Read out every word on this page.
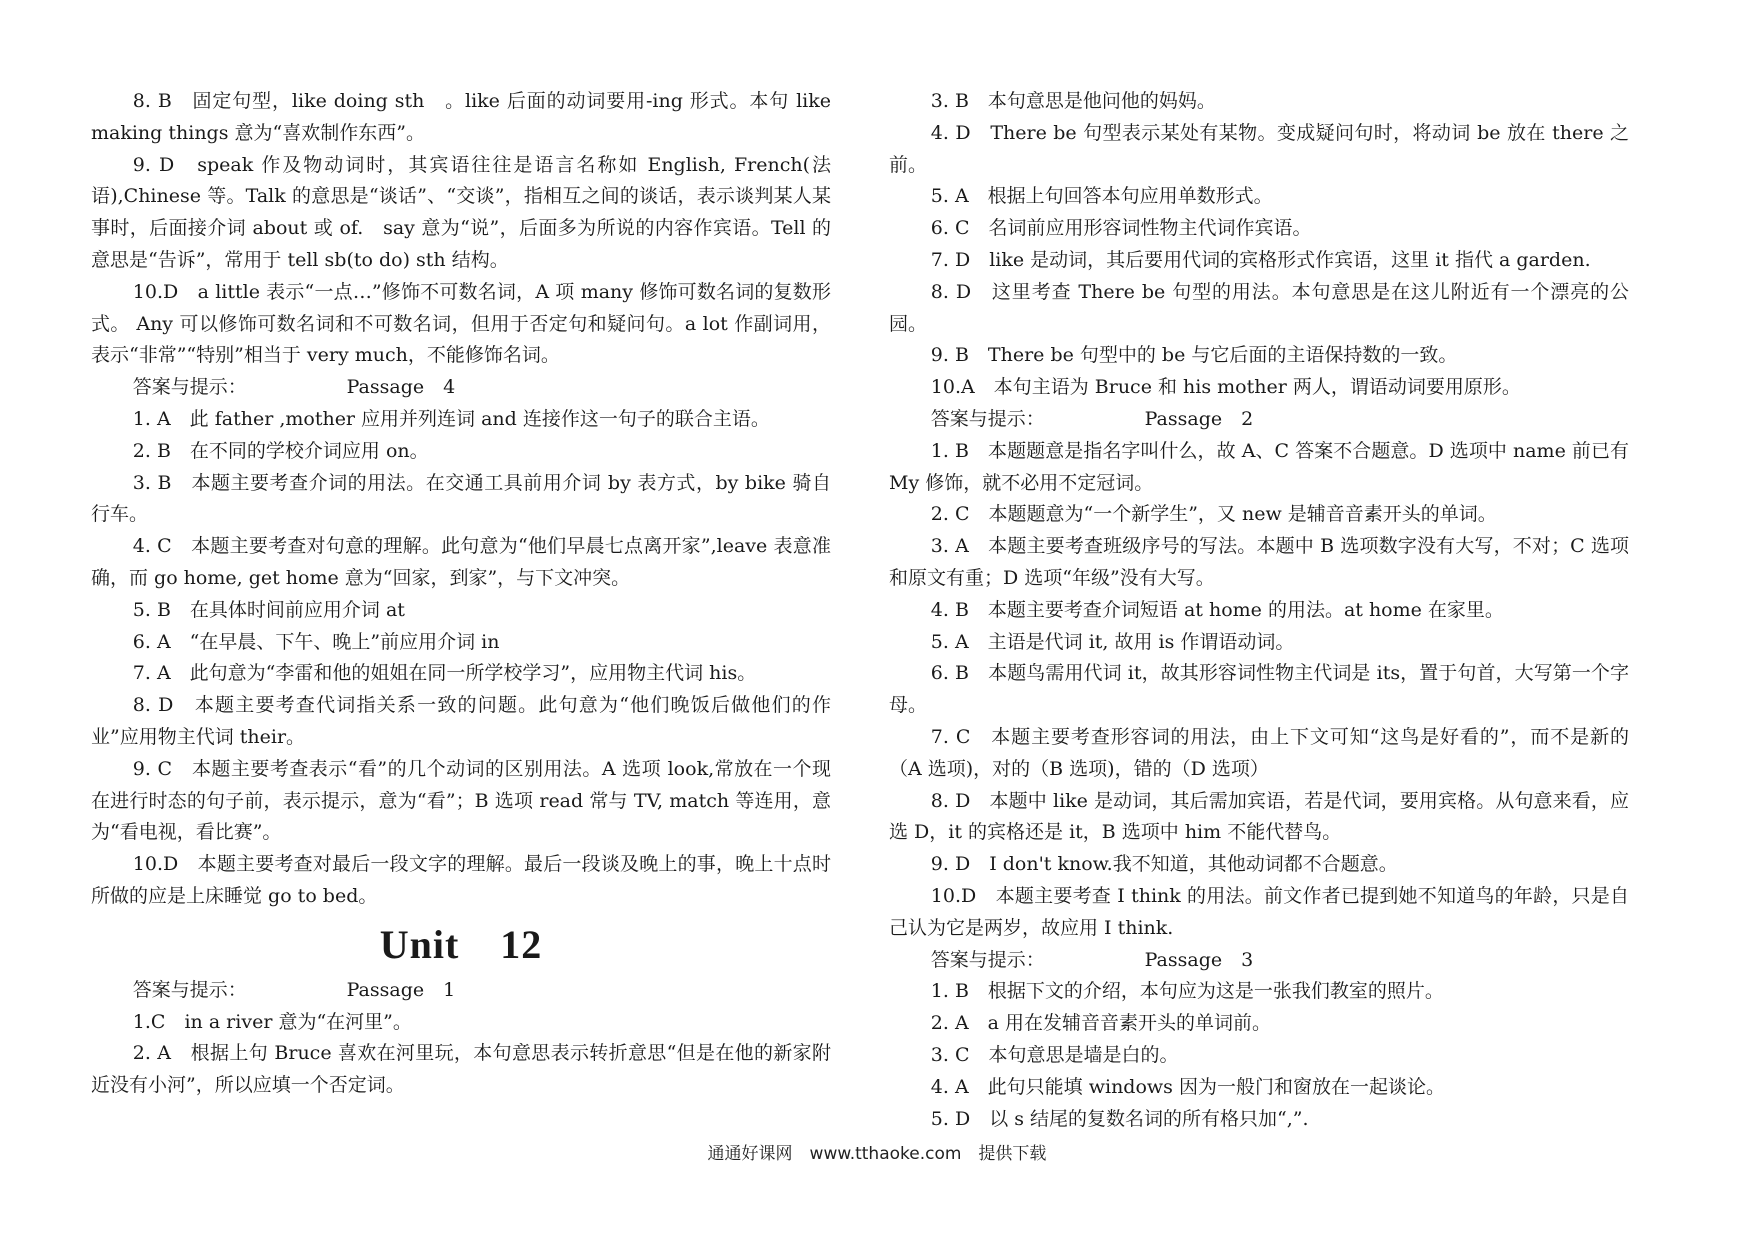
8. B　固定句型，like doing sth　。like 后面的动词要用-ing 形式。本句 like making things 意为“喜欢制作东西”。

9. D　speak 作及物动词时，其宾语往往是语言名称如 English, French(法语),Chinese 等。Talk 的意思是“谈话”、“交谈”，指相互之间的谈话，表示谈判某人某事时，后面接介词 about 或 of.　say 意为“说”，后面多为所说的内容作宾语。Tell 的意思是“告诉”，常用于 tell sb(to do) sth 结构。

10.D　a little 表示“一点…”修饰不可数名词，A 项 many 修饰可数名词的复数形式。 Any 可以修饰可数名词和不可数名词，但用于否定句和疑问句。a lot 作副词用，表示“非常”“特别”相当于 very much，不能修饰名词。

答案与提示：	Passage　4

1. A　此 father ,mother 应用并列连词 and 连接作这一句子的联合主语。

2. B　在不同的学校介词应用 on。

3. B　本题主要考查介词的用法。在交通工具前用介词 by 表方式，by bike 骑自行车。

4. C　本题主要考查对句意的理解。此句意为“他们早晨七点离开家”,leave 表意准确，而 go home, get home 意为“回家，到家”，与下文冲突。

5. B　在具体时间前应用介词 at

6. A　“在早晨、下午、晚上”前应用介词 in

7. A　此句意为“李雷和他的姐姐在同一所学校学习”，应用物主代词 his。

8. D　本题主要考查代词指关系一致的问题。此句意为“他们晚饭后做他们的作业”应用物主代词 their。

9. C　本题主要考查表示“看”的几个动词的区别用法。A 选项 look,常放在一个现在进行时态的句子前，表示提示，意为“看”；B 选项 read 常与 TV, match 等连用，意为“看电视，看比赛”。

10.D　本题主要考查对最后一段文字的理解。最后一段谈及晚上的事，晚上十点时所做的应是上床睡觉 go to bed。

Unit　12

答案与提示：	Passage　1

1.C　in a river 意为“在河里”。

2. A　根据上句 Bruce 喜欢在河里玩，本句意思表示转折意思“但是在他的新家附近没有小河”，所以应填一个否定词。

3. B　本句意思是他问他的妈妈。

4. D　There be 句型表示某处有某物。变成疑问句时，将动词 be 放在 there 之前。

5. A　根据上句回答本句应用单数形式。

6. C　名词前应用形容词性物主代词作宾语。

7. D　like 是动词，其后要用代词的宾格形式作宾语，这里 it 指代 a garden.

8. D　这里考查 There be 句型的用法。本句意思是在这儿附近有一个漂亮的公园。

9. B　There be 句型中的 be 与它后面的主语保持数的一致。

10.A　本句主语为 Bruce 和 his mother 两人，谓语动词要用原形。

答案与提示：	Passage　2

1. B　本题题意是指名字叫什么，故 A、C 答案不合题意。D 选项中 name 前已有 My 修饰，就不必用不定冠词。

2. C　本题题意为“一个新学生”，又 new 是辅音音素开头的单词。

3. A　本题主要考查班级序号的写法。本题中 B 选项数字没有大写，不对；C 选项和原文有重；D 选项“年级”没有大写。

4. B　本题主要考查介词短语 at home 的用法。at home 在家里。

5. A　主语是代词 it, 故用 is 作谓语动词。

6. B　本题鸟需用代词 it，故其形容词性物主代词是 its，置于句首，大写第一个字母。

7. C　本题主要考查形容词的用法，由上下文可知“这鸟是好看的”，而不是新的（A 选项)，对的（B 选项)，错的（D 选项）

8. D　本题中 like 是动词，其后需加宾语，若是代词，要用宾格。从句意来看，应选 D，it 的宾格还是 it，B 选项中 him 不能代替鸟。

9. D　I don't know.我不知道，其他动词都不合题意。

10.D　本题主要考查 I think 的用法。前文作者已提到她不知道鸟的年龄，只是自己认为它是两岁，故应用 I think.

答案与提示：	Passage　3

1. B　根据下文的介绍，本句应为这是一张我们教室的照片。

2. A　a 用在发辅音音素开头的单词前。

3. C　本句意思是墙是白的。

4. A　此句只能填 windows 因为一般门和窗放在一起谈论。

5. D　以 s 结尾的复数名词的所有格只加“,”.

通通好课网　www.tthaoke.com　提供下载
